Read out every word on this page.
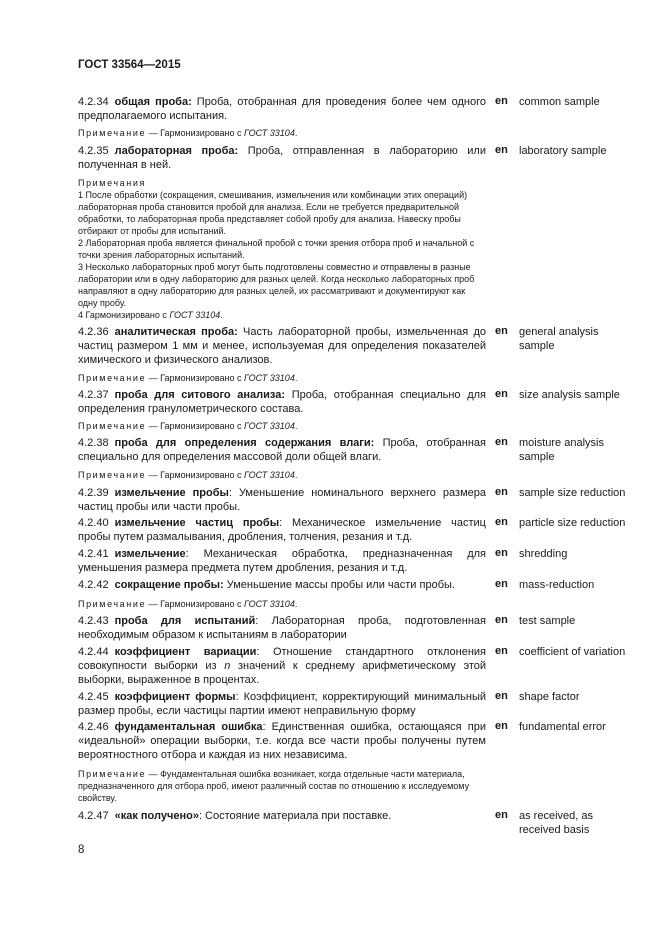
ГОСТ 33564—2015
4.2.34 общая проба: Проба, отобранная для проведения более чем одного предполагаемого испытания.
en common sample
Примечание — Гармонизировано с ГОСТ 33104.
4.2.35 лабораторная проба: Проба, отправленная в лабораторию или полученная в ней.
en laboratory sample
Примечания
1 После обработки (сокращения, смешивания, измельчения или комбинации этих операций) лабораторная проба становится пробой для анализа. Если не требуется предварительной обработки, то лабораторная проба представляет собой пробу для анализа. Навеску пробы отбирают от пробы для испытаний.
2 Лабораторная проба является финальной пробой с точки зрения отбора проб и начальной с точки зрения лабораторных испытаний.
3 Несколько лабораторных проб могут быть подготовлены совместно и отправлены в разные лаборатории или в одну лабораторию для разных целей. Когда несколько лабораторных проб направляют в одну лабораторию для разных целей, их рассматривают и документируют как одну пробу.
4 Гармонизировано с ГОСТ 33104.
4.2.36 аналитическая проба: Часть лабораторной пробы, измельченная до частиц размером 1 мм и менее, используемая для определения показателей химического и физического анализов.
en general analysis sample
Примечание — Гармонизировано с ГОСТ 33104.
4.2.37 проба для ситового анализа: Проба, отобранная специально для определения гранулометрического состава.
en size analysis sample
Примечание — Гармонизировано с ГОСТ 33104.
4.2.38 проба для определения содержания влаги: Проба, отобранная специально для определения массовой доли общей влаги.
en moisture analysis sample
Примечание — Гармонизировано с ГОСТ 33104.
4.2.39 измельчение пробы: Уменьшение номинального верхнего размера частиц пробы или части пробы.
en sample size reduction
4.2.40 измельчение частиц пробы: Механическое измельчение частиц пробы путем размалывания, дробления, толчения, резания и т.д.
en particle size reduction
4.2.41 измельчение: Механическая обработка, предназначенная для уменьшения размера предмета путем дробления, резания и т.д.
en shredding
4.2.42 сокращение пробы: Уменьшение массы пробы или части пробы.	en mass-reduction
Примечание — Гармонизировано с ГОСТ 33104.
4.2.43 проба для испытаний: Лабораторная проба, подготовленная необходимым образом к испытаниям в лаборатории
en test sample
4.2.44 коэффициент вариации: Отношение стандартного отклонения совокупности выборки из n значений к среднему арифметическому этой выборки, выраженное в процентах.
en coefficient of variation
4.2.45 коэффициент формы: Коэффициент, корректирующий минимальный размер пробы, если частицы партии имеют неправильную форму
en shape factor
4.2.46 фундаментальная ошибка: Единственная ошибка, остающаяся при «идеальной» операции выборки, т.е. когда все части пробы получены путем вероятностного отбора и каждая из них независима.
en fundamental error
Примечание — Фундаментальная ошибка возникает, когда отдельные части материала, предназначенного для отбора проб, имеют различный состав по отношению к исследуемому свойству.
4.2.47 «как получено»: Состояние материала при поставке.	en as received, as received basis
8
